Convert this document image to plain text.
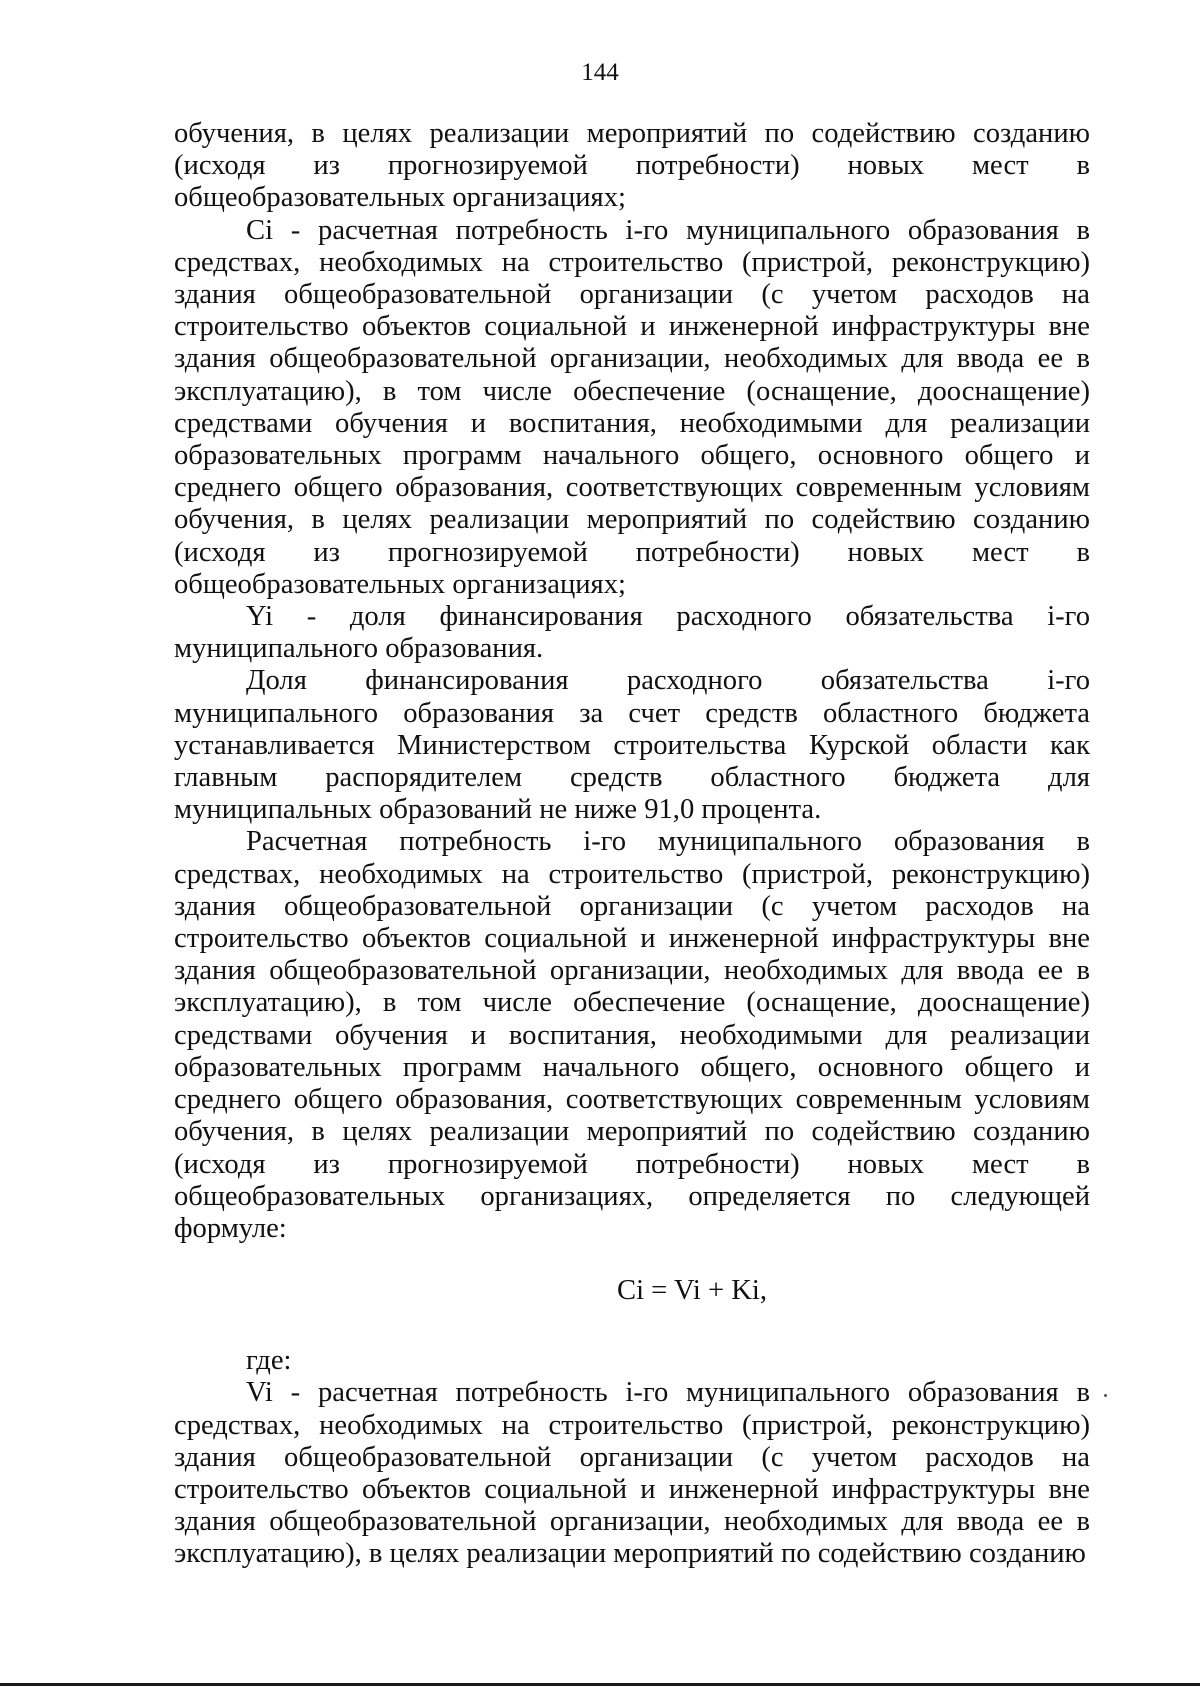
144

обучения, в целях реализации мероприятий по содействию созданию (исходя из прогнозируемой потребности) новых мест в общеобразовательных организациях;

Ci - расчетная потребность i-го муниципального образования в средствах, необходимых на строительство (пристрой, реконструкцию) здания общеобразовательной организации (с учетом расходов на строительство объектов социальной и инженерной инфраструктуры вне здания общеобразовательной организации, необходимых для ввода ее в эксплуатацию), в том числе обеспечение (оснащение, дооснащение) средствами обучения и воспитания, необходимыми для реализации образовательных программ начального общего, основного общего и среднего общего образования, соответствующих современным условиям обучения, в целях реализации мероприятий по содействию созданию (исходя из прогнозируемой потребности) новых мест в общеобразовательных организациях;

Yi - доля финансирования расходного обязательства i-го муниципального образования.

Доля финансирования расходного обязательства i-го муниципального образования за счет средств областного бюджета устанавливается Министерством строительства Курской области как главным распорядителем средств областного бюджета для муниципальных образований не ниже 91,0 процента.

Расчетная потребность i-го муниципального образования в средствах, необходимых на строительство (пристрой, реконструкцию) здания общеобразовательной организации (с учетом расходов на строительство объектов социальной и инженерной инфраструктуры вне здания общеобразовательной организации, необходимых для ввода ее в эксплуатацию), в том числе обеспечение (оснащение, дооснащение) средствами обучения и воспитания, необходимыми для реализации образовательных программ начального общего, основного общего и среднего общего образования, соответствующих современным условиям обучения, в целях реализации мероприятий по содействию созданию (исходя из прогнозируемой потребности) новых мест в общеобразовательных организациях, определяется по следующей формуле:

Ci = Vi + Ki,

где:

Vi - расчетная потребность i-го муниципального образования в средствах, необходимых на строительство (пристрой, реконструкцию) здания общеобразовательной организации (с учетом расходов на строительство объектов социальной и инженерной инфраструктуры вне здания общеобразовательной организации, необходимых для ввода ее в эксплуатацию), в целях реализации мероприятий по содействию созданию
